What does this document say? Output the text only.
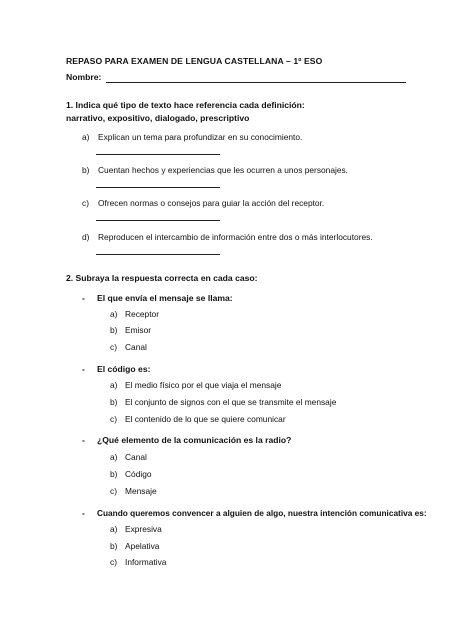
REPASO PARA EXAMEN DE LENGUA CASTELLANA – 1º ESO
Nombre:
1. Indica qué tipo de texto hace referencia cada definición:
narrativo, expositivo, dialogado, prescriptivo
a) Explican un tema para profundizar en su conocimiento.
b) Cuentan hechos y experiencias que les ocurren a unos personajes.
c) Ofrecen normas o consejos para guiar la acción del receptor.
d) Reproducen el intercambio de información entre dos o más interlocutores.
2. Subraya la respuesta correcta en cada caso:
- El que envía el mensaje se llama:
a) Receptor
b) Emisor
c) Canal
- El código es:
a) El medio físico por el que viaja el mensaje
b) El conjunto de signos con el que se transmite el mensaje
c) El contenido de lo que se quiere comunicar
- ¿Qué elemento de la comunicación es la radio?
a) Canal
b) Código
c) Mensaje
- Cuando queremos convencer a alguien de algo, nuestra intención comunicativa es:
a) Expresiva
b) Apelativa
c) Informativa
